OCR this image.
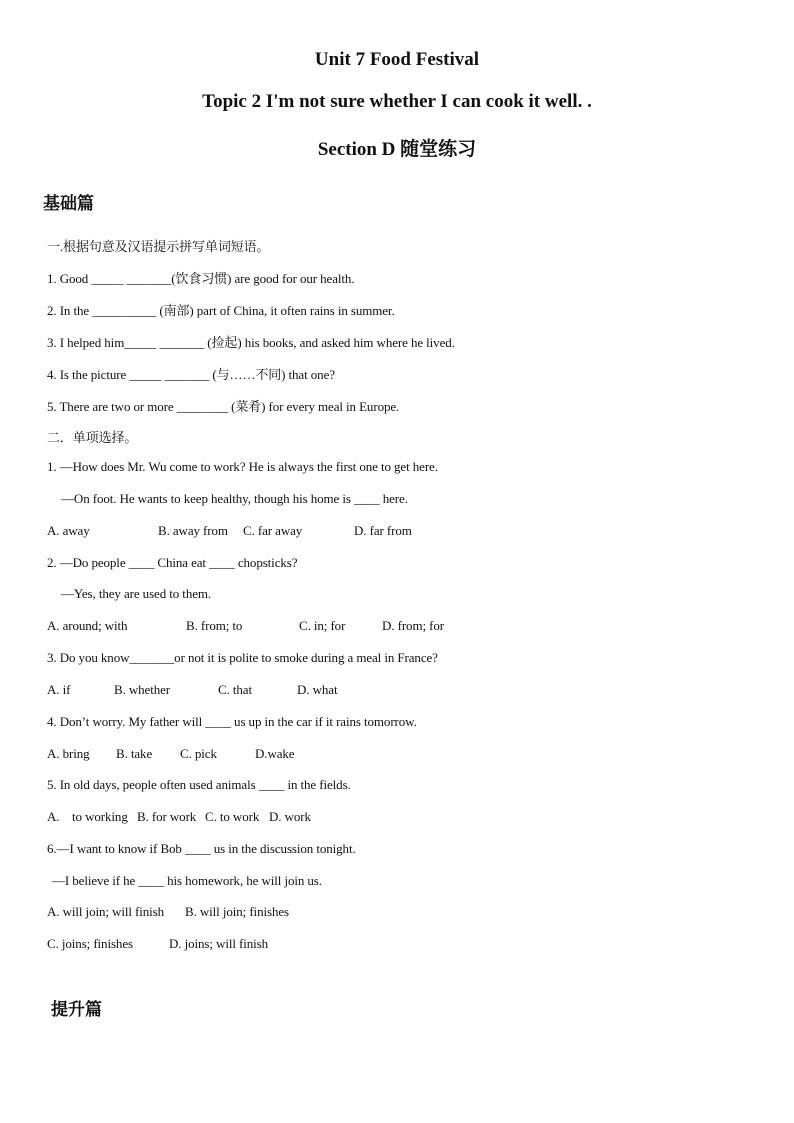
Unit 7 Food Festival
Topic 2 I'm not sure whether I can cook it well. .
Section D 随堂练习
基础篇
一.根据句意及汉语提示拼写单词短语。
1. Good _____ _______(饮食习惯) are good for our health.
2. In the __________ (南部) part of China, it often rains in summer.
3. I helped him_____ _______ (捡起) his books, and asked him where he lived.
4. Is the picture _____ _______ (与……不同) that one?
5. There are two or more ________ (菜肴) for every meal in Europe.
二．单项选择。
1. —How does Mr. Wu come to work? He is always the first one to get here.
—On foot. He wants to keep healthy, though his home is ____ here.
A. away	B. away from C. far away	D. far from
2. —Do people ____ China eat ____ chopsticks?
—Yes, they are used to them.
A. around; with	B. from; to	C. in; for	D. from; for
3. Do you know_______or not it is polite to smoke during a meal in France?
A. if	B. whether	C. that	D. what
4. Don’t worry. My father will ____ us up in the car if it rains tomorrow.
A. bring B. take C. pick	D.wake
5. In old days, people often used animals ____ in the fields.
A.    to working B. for work C. to work D. work
6.—I want to know if Bob ____ us in the discussion tonight.
—I believe if he ____ his homework, he will join us.
A. will join; will finish B. will join; finishes
C. joins; finishes	D. joins; will finish
提升篇
